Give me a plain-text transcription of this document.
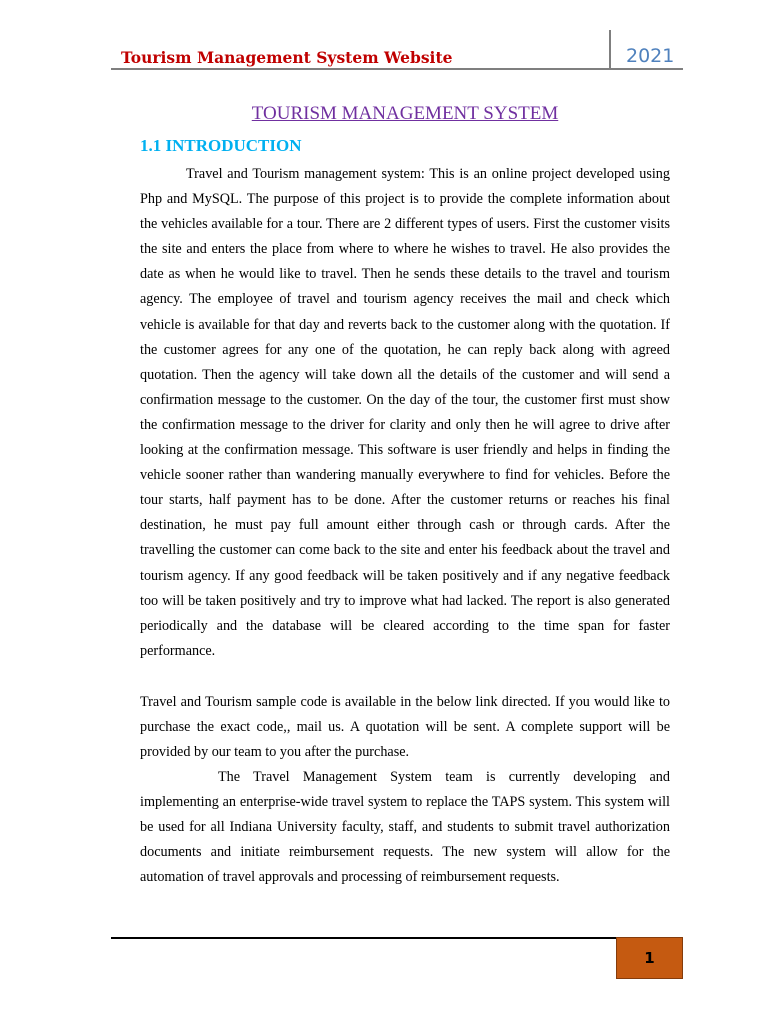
Tourism Management System Website	2021
TOURISM MANAGEMENT SYSTEM
1.1 INTRODUCTION
Travel and Tourism management system: This is an online project developed using Php and MySQL. The purpose of this project is to provide the complete information about the vehicles available for a tour. There are 2 different types of users. First the customer visits the site and enters the place from where to where he wishes to travel. He also provides the date as when he would like to travel. Then he sends these details to the travel and tourism agency. The employee of travel and tourism agency receives the mail and check which vehicle is available for that day and reverts back to the customer along with the quotation. If the customer agrees for any one of the quotation, he can reply back along with agreed quotation. Then the agency will take down all the details of the customer and will send a confirmation message to the customer. On the day of the tour, the customer first must show the confirmation message to the driver for clarity and only then he will agree to drive after looking at the confirmation message. This software is user friendly and helps in finding the vehicle sooner rather than wandering manually everywhere to find for vehicles. Before the tour starts, half payment has to be done. After the customer returns or reaches his final destination, he must pay full amount either through cash or through cards. After the travelling the customer can come back to the site and enter his feedback about the travel and tourism agency. If any good feedback will be taken positively and if any negative feedback too will be taken positively and try to improve what had lacked. The report is also generated periodically and the database will be cleared according to the time span for faster performance.
Travel and Tourism sample code is available in the below link directed. If you would like to purchase the exact code,, mail us. A quotation will be sent. A complete support will be provided by our team to you after the purchase.
The Travel Management System team is currently developing and implementing an enterprise-wide travel system to replace the TAPS system. This system will be used for all Indiana University faculty, staff, and students to submit travel authorization documents and initiate reimbursement requests. The new system will allow for the automation of travel approvals and processing of reimbursement requests.
1
